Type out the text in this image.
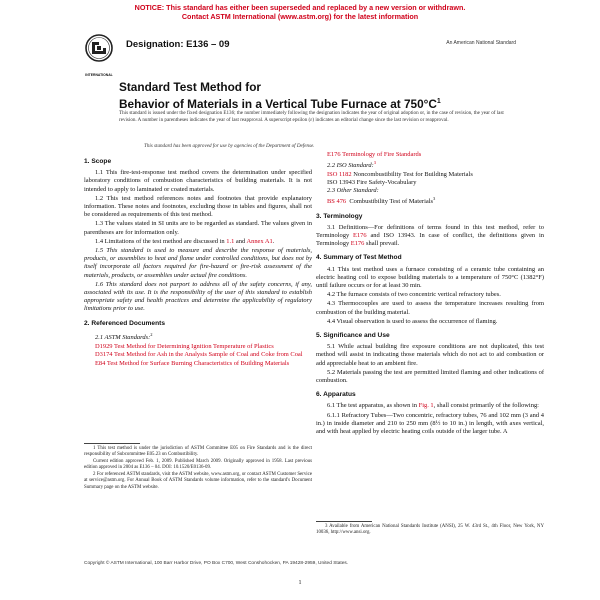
NOTICE: This standard has either been superseded and replaced by a new version or withdrawn.
Contact ASTM International (www.astm.org) for the latest information
INTERNATIONAL
Designation: E136 – 09	An American National Standard
Standard Test Method for
Behavior of Materials in a Vertical Tube Furnace at $750^\circ C^1$
This standard is issued under the fixed designation E136; the number immediately following the designation indicates the year of original adoption or, in the case of revision, the year of last revision. A number in parentheses indicates the year of last reapproval. A superscript epsilon (ε) indicates an editorial change since the last revision or reapproval.
This standard has been approved for use by agencies of the Department of Defense.
1. Scope
1.1 This fire-test-response test method covers the determination under specified laboratory conditions of combustion characteristics of building materials. It is not intended to apply to laminated or coated materials.
1.2 This test method references notes and footnotes that provide explanatory information. These notes and footnotes, excluding those in tables and figures, shall not be considered as requirements of this test method.
1.3 The values stated in SI units are to be regarded as standard. The values given in parentheses are for information only.
1.4 Limitations of the test method are discussed in 1.1 and Annex A1.
1.5 This standard is used to measure and describe the response of materials, products, or assemblies to heat and flame under controlled conditions, but does not by itself incorporate all factors required for fire-hazard or fire-risk assessment of the materials, products, or assemblies under actual fire conditions.
1.6 This standard does not purport to address all of the safety concerns, if any, associated with its use. It is the responsibility of the user of this standard to establish appropriate safety and health practices and determine the applicability of regulatory limitations prior to use.
2. Referenced Documents
2.1 ASTM Standards:$^2$
D1929 Test Method for Determining Ignition Temperature of Plastics
D3174 Test Method for Ash in the Analysis Sample of Coal and Coke from Coal
E84 Test Method for Surface Burning Characteristics of Building Materials
1 This test method is under the jurisdiction of ASTM Committee E05 on Fire Standards and is the direct responsibility of Subcommittee E05.23 on Combustibility.
Current edition approved Feb. 1, 2009. Published March 2009. Originally approved in 1958. Last previous edition approved in 2004 as E136 – 04. DOI: 10.1520/E0136-09.
2 For referenced ASTM standards, visit the ASTM website, www.astm.org, or contact ASTM Customer Service at service@astm.org. For Annual Book of ASTM Standards volume information, refer to the standard's Document Summary page on the ASTM website.
E176 Terminology of Fire Standards
2.2 ISO Standard:$^3$
ISO 1182 Noncombustibility Test for Building Materials
ISO 13943 Fire Safety-Vocabulary
2.3 Other Standard:
BS 476 Combustibility Test of Materials$^3$
3. Terminology
3.1 Definitions—For definitions of terms found in this test method, refer to Terminology E176 and ISO 13943. In case of conflict, the definitions given in Terminology E176 shall prevail.
4. Summary of Test Method
4.1 This test method uses a furnace consisting of a ceramic tube containing an electric heating coil to expose building materials to a temperature of 750°C (1382°F) until failure occurs or for at least 30 min.
4.2 The furnace consists of two concentric vertical refractory tubes.
4.3 Thermocouples are used to assess the temperature increases resulting from combustion of the building material.
4.4 Visual observation is used to assess the occurrence of flaming.
5. Significance and Use
5.1 While actual building fire exposure conditions are not duplicated, this test method will assist in indicating those materials which do not act to aid combustion or add appreciable heat to an ambient fire.
5.2 Materials passing the test are permitted limited flaming and other indications of combustion.
6. Apparatus
6.1 The test apparatus, as shown in Fig. 1, shall consist primarily of the following:
6.1.1 Refractory Tubes—Two concentric, refractory tubes, 76 and 102 mm (3 and 4 in.) in inside diameter and 210 to 250 mm (8½ to 10 in.) in length, with axes vertical, and with heat applied by electric heating coils outside of the larger tube. A
3 Available from American National Standards Institute (ANSI), 25 W. 43rd St., 4th Floor, New York, NY 10036, http://www.ansi.org.
Copyright © ASTM International, 100 Barr Harbor Drive, PO Box C700, West Conshohocken, PA 19428-2959, United States.
1
